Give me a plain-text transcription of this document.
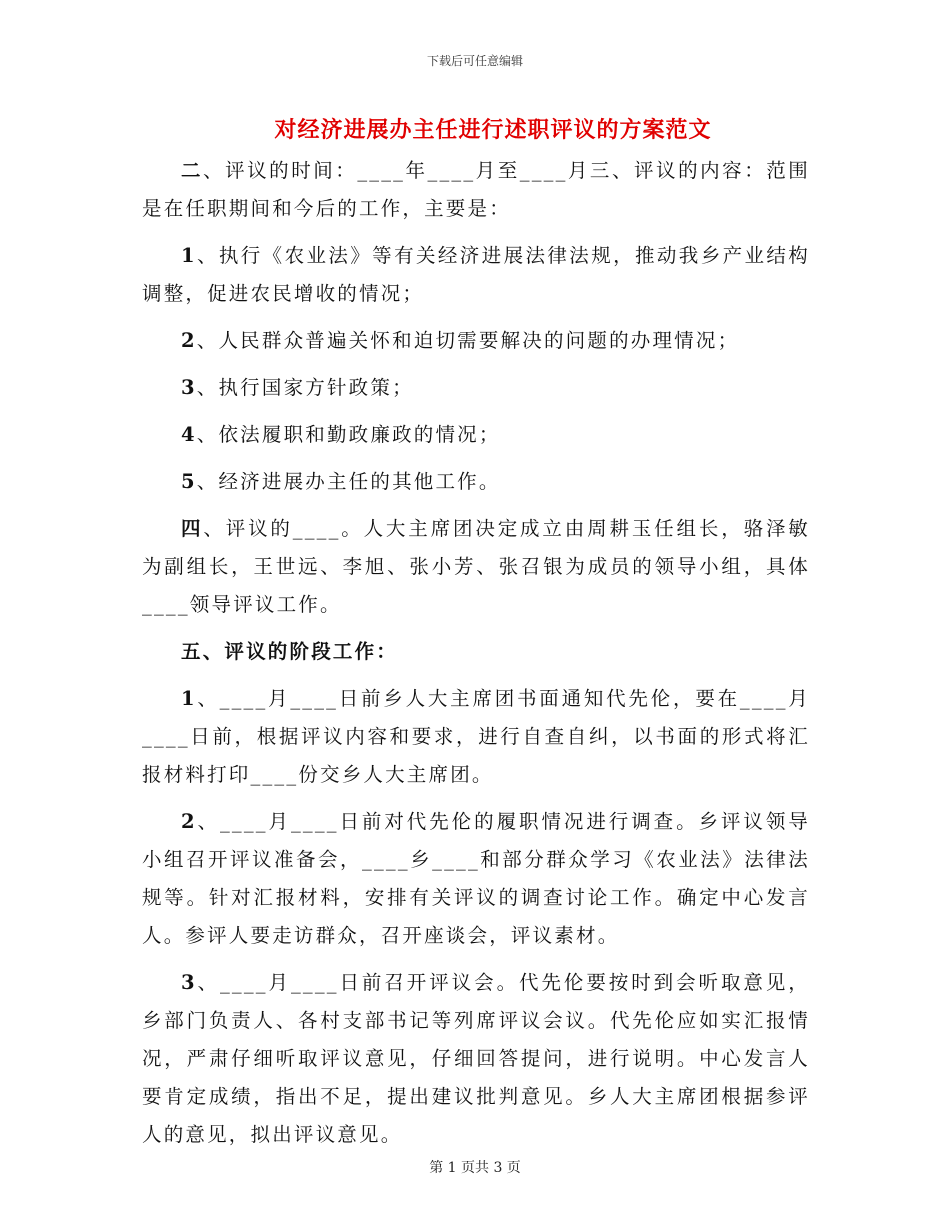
下载后可任意编辑
对经济进展办主任进行述职评议的方案范文

二、评议的时间：____年____月至____月三、评议的内容：范围是在任职期间和今后的工作，主要是：

1、执行《农业法》等有关经济进展法律法规，推动我乡产业结构调整，促进农民增收的情况；

2、人民群众普遍关怀和迫切需要解决的问题的办理情况；

3、执行国家方针政策；

4、依法履职和勤政廉政的情况；

5、经济进展办主任的其他工作。

四、评议的____。人大主席团决定成立由周耕玉任组长，骆泽敏为副组长，王世远、李旭、张小芳、张召银为成员的领导小组，具体____领导评议工作。

五、评议的阶段工作：

1、____月____日前乡人大主席团书面通知代先伦，要在____月____日前，根据评议内容和要求，进行自查自纠，以书面的形式将汇报材料打印____份交乡人大主席团。

2、____月____日前对代先伦的履职情况进行调查。乡评议领导小组召开评议准备会，____乡____和部分群众学习《农业法》法律法规等。针对汇报材料，安排有关评议的调查讨论工作。确定中心发言人。参评人要走访群众，召开座谈会，评议素材。

3、____月____日前召开评议会。代先伦要按时到会听取意见，乡部门负责人、各村支部书记等列席评议会议。代先伦应如实汇报情况，严肃仔细听取评议意见，仔细回答提问，进行说明。中心发言人要肯定成绩，指出不足，提出建议批判意见。乡人大主席团根据参评人的意见，拟出评议意见。

第 1 页共 3 页
